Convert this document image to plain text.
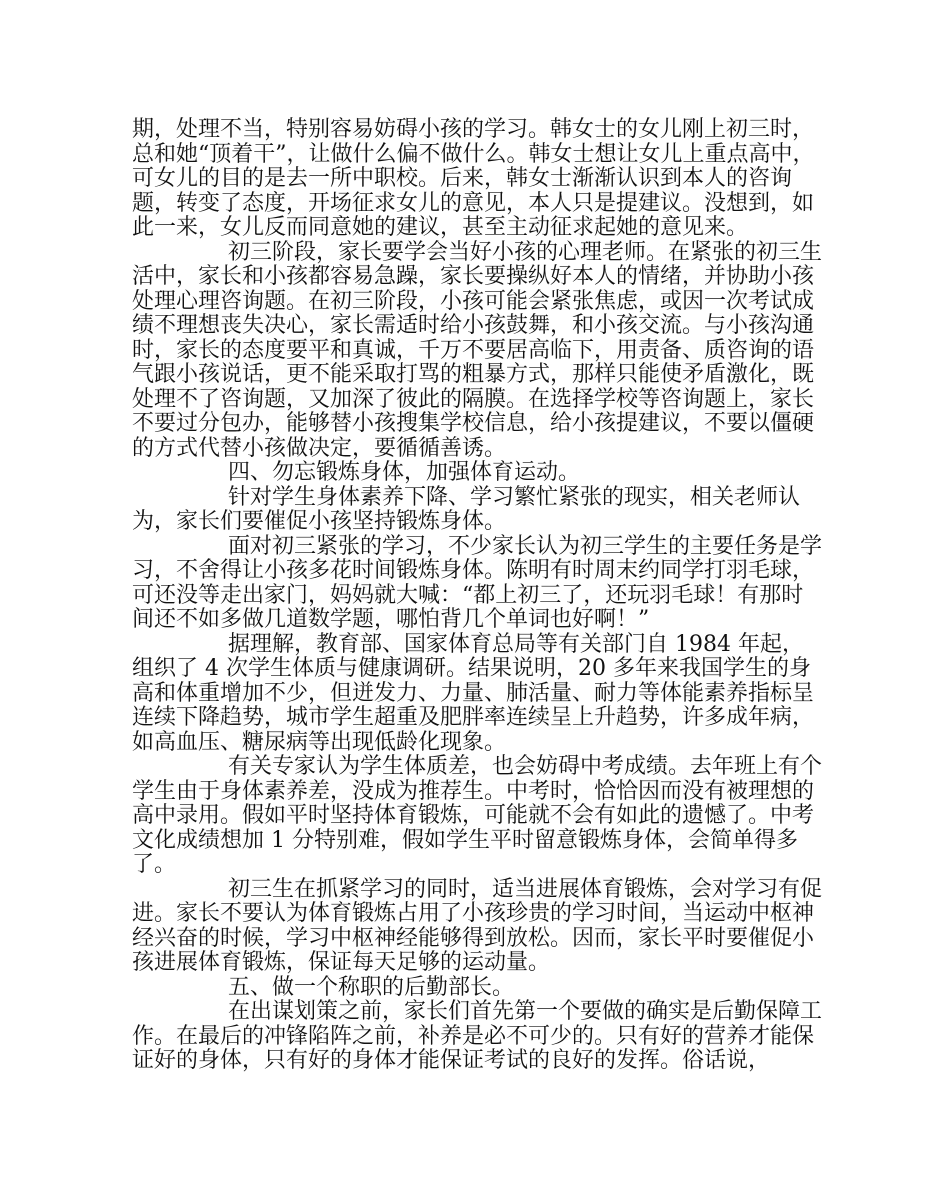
期，处理不当，特别容易妨碍小孩的学习。韩女士的女儿刚上初三时，总和她“顶着干”，让做什么偏不做什么。韩女士想让女儿上重点高中，可女儿的目的是去一所中职校。后来，韩女士渐渐认识到本人的咨询题，转变了态度，开场征求女儿的意见，本人只是提建议。没想到，如此一来，女儿反而同意她的建议，甚至主动征求起她的意见来。

初三阶段，家长要学会当好小孩的心理老师。在紧张的初三生活中，家长和小孩都容易急躁，家长要操纵好本人的情绪，并协助小孩处理心理咨询题。在初三阶段，小孩可能会紧张焦虑，或因一次考试成绩不理想丧失决心，家长需适时给小孩鼓舞，和小孩交流。与小孩沟通时，家长的态度要平和真诚，千万不要居高临下，用责备、质咨询的语气跟小孩说话，更不能采取打骂的粗暴方式，那样只能使矛盾激化，既处理不了咨询题，又加深了彼此的隔膜。在选择学校等咨询题上，家长不要过分包办，能够替小孩搜集学校信息，给小孩提建议，不要以僵硬的方式代替小孩做决定，要循循善诱。

四、勿忘锻炼身体，加强体育运动。

针对学生身体素养下降、学习繁忙紧张的现实，相关老师认为，家长们要催促小孩坚持锻炼身体。

面对初三紧张的学习，不少家长认为初三学生的主要任务是学习，不舍得让小孩多花时间锻炼身体。陈明有时周末约同学打羽毛球，可还没等走出家门，妈妈就大喊：“都上初三了，还玩羽毛球！有那时间还不如多做几道数学题，哪怕背几个单词也好啊！”

据理解，教育部、国家体育总局等有关部门自 1984 年起，组织了 4 次学生体质与健康调研。结果说明，20 多年来我国学生的身高和体重增加不少，但迸发力、力量、肺活量、耐力等体能素养指标呈连续下降趋势，城市学生超重及肥胖率连续呈上升趋势，许多成年病，如高血压、糖尿病等出现低龄化现象。

有关专家认为学生体质差，也会妨碍中考成绩。去年班上有个学生由于身体素养差，没成为推荐生。中考时，恰恰因而没有被理想的高中录用。假如平时坚持体育锻炼，可能就不会有如此的遗憾了。中考文化成绩想加 1 分特别难，假如学生平时留意锻炼身体，会简单得多了。

初三生在抓紧学习的同时，适当进展体育锻炼，会对学习有促进。家长不要认为体育锻炼占用了小孩珍贵的学习时间，当运动中枢神经兴奋的时候，学习中枢神经能够得到放松。因而，家长平时要催促小孩进展体育锻炼，保证每天足够的运动量。

五、做一个称职的后勤部长。

在出谋划策之前，家长们首先第一个要做的确实是后勤保障工作。在最后的冲锋陷阵之前，补养是必不可少的。只有好的营养才能保证好的身体，只有好的身体才能保证考试的良好的发挥。俗话说，
